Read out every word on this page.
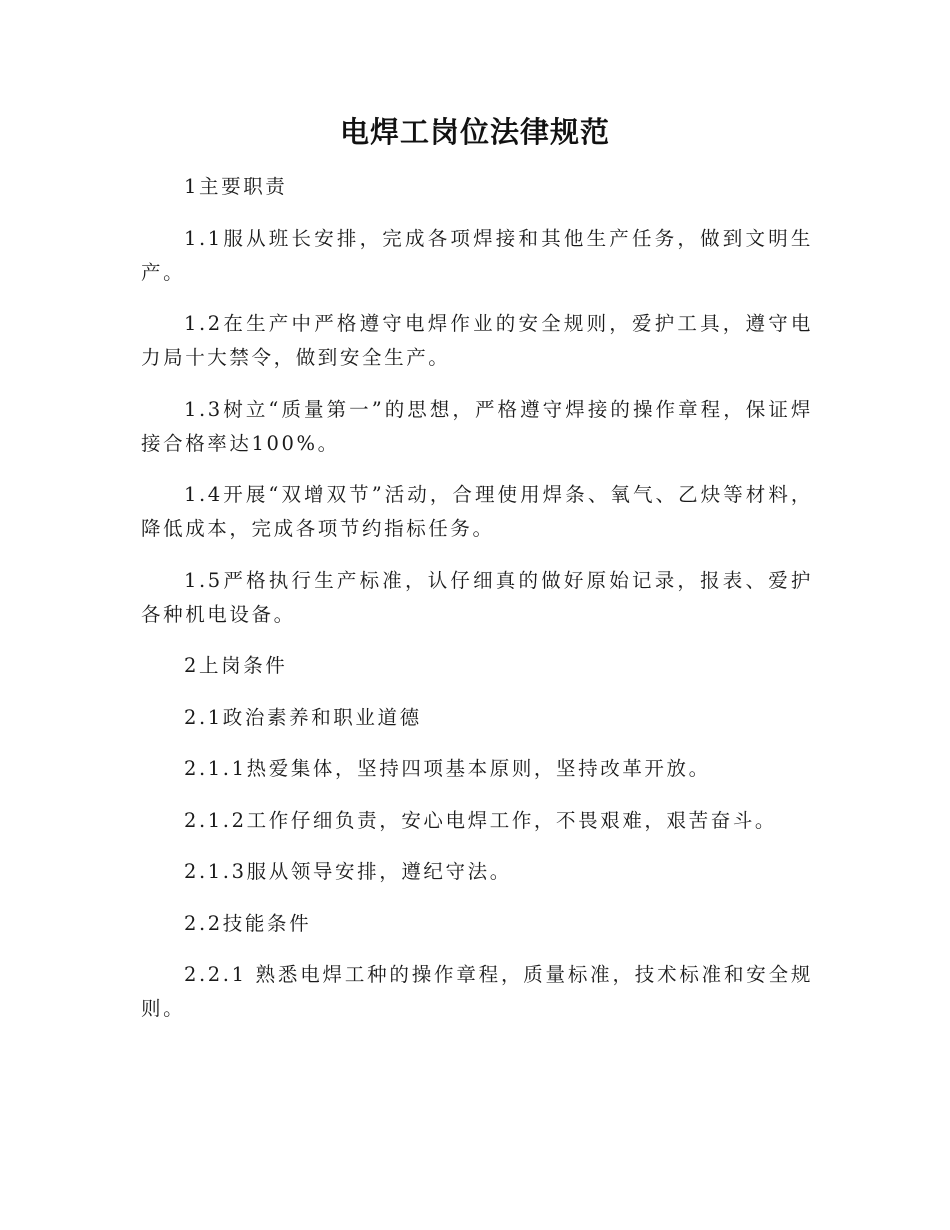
电焊工岗位法律规范

1主要职责

1.1服从班长安排，完成各项焊接和其他生产任务，做到文明生产。

1.2在生产中严格遵守电焊作业的安全规则，爱护工具，遵守电力局十大禁令，做到安全生产。

1.3树立“质量第一”的思想，严格遵守焊接的操作章程，保证焊接合格率达100%。

1.4开展“双增双节”活动，合理使用焊条、氧气、乙炔等材料，降低成本，完成各项节约指标任务。

1.5严格执行生产标准，认仔细真的做好原始记录，报表、爱护各种机电设备。

2上岗条件

2.1政治素养和职业道德

2.1.1热爱集体，坚持四项基本原则，坚持改革开放。

2.1.2工作仔细负责，安心电焊工作，不畏艰难，艰苦奋斗。

2.1.3服从领导安排，遵纪守法。

2.2技能条件

2.2.1 熟悉电焊工种的操作章程，质量标准，技术标准和安全规则。
